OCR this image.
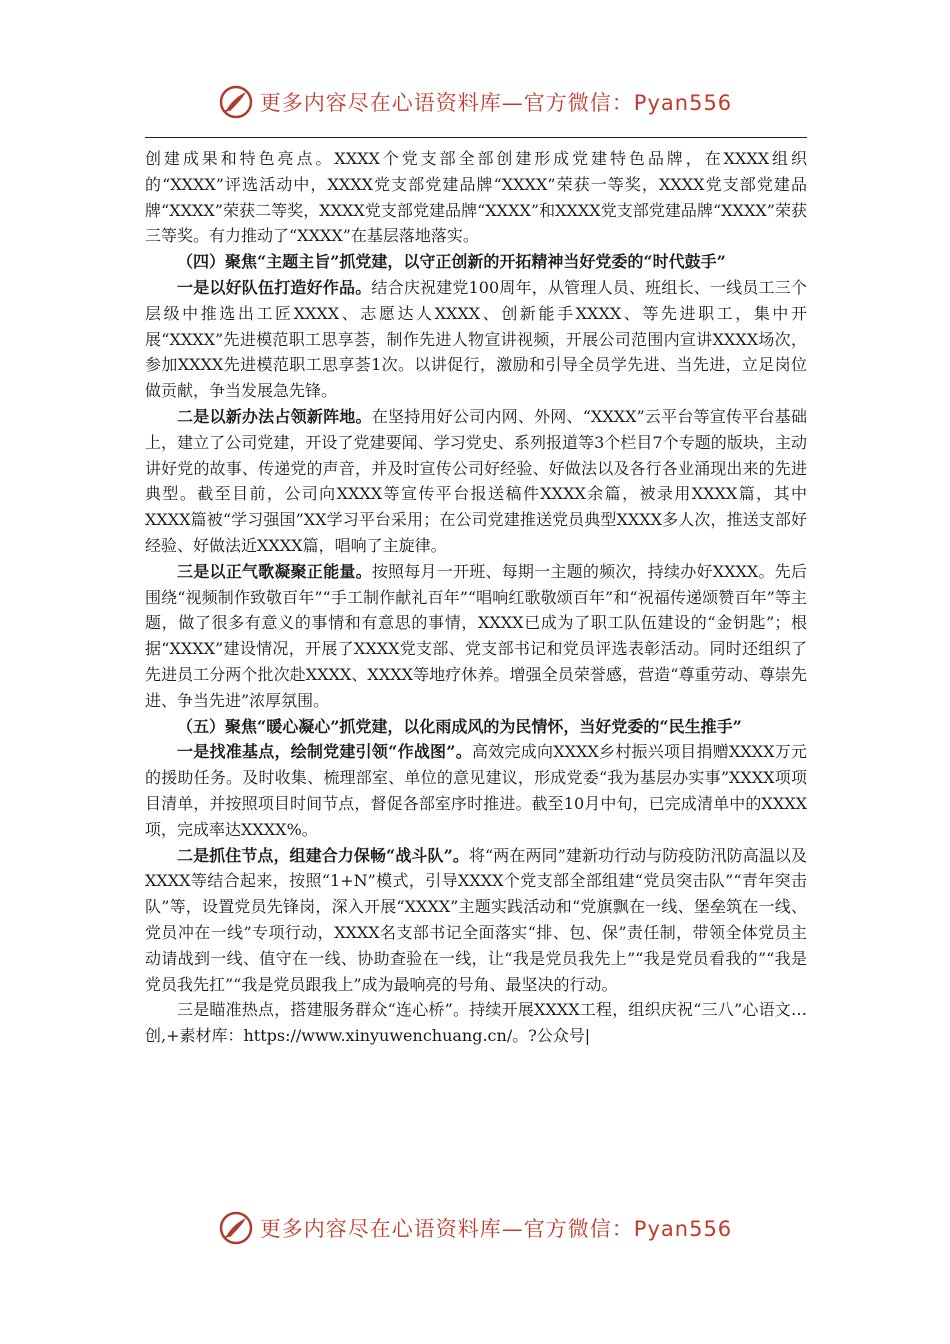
更多内容尽在心语资料库—官方微信：Pyan556

创建成果和特色亮点。XXXX个党支部全部创建形成党建特色品牌，在XXXX组织的“XXXX”评选活动中，XXXX党支部党建品牌“XXXX”荣获一等奖，XXXX党支部党建品牌“XXXX”荣获二等奖，XXXX党支部党建品牌“XXXX”和XXXX党支部党建品牌“XXXX”荣获三等奖。有力推动了“XXXX”在基层落地落实。

（四）聚焦“主题主旨”抓党建，以守正创新的开拓精神当好党委的“时代鼓手”

一是以好队伍打造好作品。结合庆祝建党100周年，从管理人员、班组长、一线员工三个层级中推选出工匠XXXX、志愿达人XXXX、创新能手XXXX、等先进职工，集中开展“XXXX”先进模范职工思享荟，制作先进人物宣讲视频，开展公司范围内宣讲XXXX场次，参加XXXX先进模范职工思享荟1次。以讲促行，激励和引导全员学先进、当先进，立足岗位做贡献，争当发展急先锋。

二是以新办法占领新阵地。在坚持用好公司内网、外网、“XXXX”云平台等宣传平台基础上，建立了公司党建，开设了党建要闻、学习党史、系列报道等3个栏目7个专题的版块，主动讲好党的故事、传递党的声音，并及时宣传公司好经验、好做法以及各行各业涌现出来的先进典型。截至目前，公司向XXXX等宣传平台报送稿件XXXX余篇，被录用XXXX篇，其中XXXX篇被“学习强国”XX学习平台采用；在公司党建推送党员典型XXXX多人次，推送支部好经验、好做法近XXXX篇，唱响了主旋律。

三是以正气歌凝聚正能量。按照每月一开班、每期一主题的频次，持续办好XXXX。先后围绕“视频制作致敬百年”“手工制作献礼百年”“唱响红歌敬颂百年”和“祝福传递颂赞百年”等主题，做了很多有意义的事情和有意思的事情，XXXX已成为了职工队伍建设的“金钥匙”；根据“XXXX”建设情况，开展了XXXX党支部、党支部书记和党员评选表彰活动。同时还组织了先进员工分两个批次赴XXXX、XXXX等地疗休养。增强全员荣誉感，营造“尊重劳动、尊崇先进、争当先进”浓厚氛围。

（五）聚焦“暖心凝心”抓党建，以化雨成风的为民情怀，当好党委的“民生推手”

一是找准基点，绘制党建引领“作战图”。高效完成向XXXX乡村振兴项目捐赠XXXX万元的援助任务。及时收集、梳理部室、单位的意见建议，形成党委“我为基层办实事”XXXX项项目清单，并按照项目时间节点，督促各部室序时推进。截至10月中旬，已完成清单中的XXXX项，完成率达XXXX%。

二是抓住节点，组建合力保畅“战斗队”。将“两在两同”建新功行动与防疫防汛防高温以及XXXX等结合起来，按照“1+N”模式，引导XXXX个党支部全部组建“党员突击队”“青年突击队”等，设置党员先锋岗，深入开展“XXXX”主题实践活动和“党旗飘在一线、堡垒筑在一线、党员冲在一线”专项行动，XXXX名支部书记全面落实“排、包、保”责任制，带领全体党员主动请战到一线、值守在一线、协助查验在一线，让“我是党员我先上”“我是党员看我的”“我是党员我先扛”“我是党员跟我上”成为最响亮的号角、最坚决的行动。

三是瞄准热点，搭建服务群众“连心桥”。持续开展XXXX工程，组织庆祝“三八”心语文…创,+素材库：https://www.xinyuwenchuang.cn/。?公众号|

更多内容尽在心语资料库—官方微信：Pyan556
